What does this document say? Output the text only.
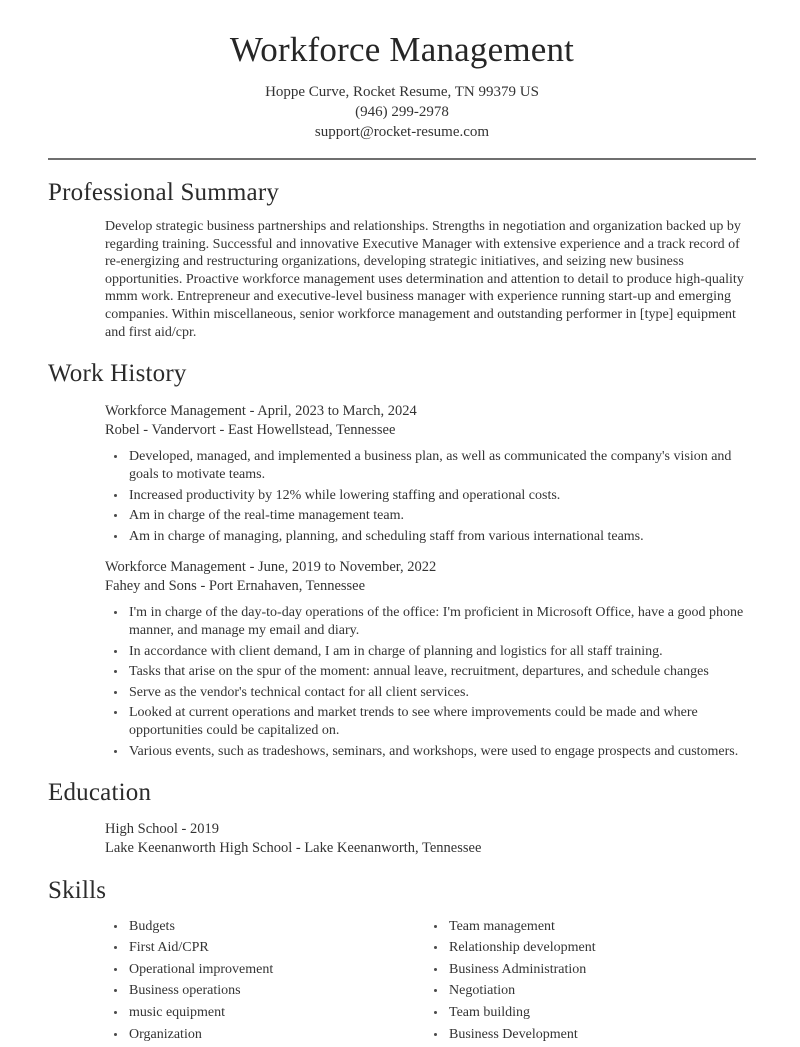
Workforce Management

Hoppe Curve, Rocket Resume, TN 99379 US

(946) 299-2978

support@rocket-resume.com

Professional Summary

Develop strategic business partnerships and relationships. Strengths in negotiation and organization backed up by regarding training. Successful and innovative Executive Manager with extensive experience and a track record of re-energizing and restructuring organizations, developing strategic initiatives, and seizing new business opportunities. Proactive workforce management uses determination and attention to detail to produce high-quality mmm work. Entrepreneur and executive-level business manager with experience running start-up and emerging companies. Within miscellaneous, senior workforce management and outstanding performer in [type] equipment and first aid/cpr.

Work History

Workforce Management - April, 2023 to March, 2024

Robel - Vandervort - East Howellstead, Tennessee

• Developed, managed, and implemented a business plan, as well as communicated the company's vision and goals to motivate teams.
• Increased productivity by 12% while lowering staffing and operational costs.
• Am in charge of the real-time management team.
• Am in charge of managing, planning, and scheduling staff from various international teams.

Workforce Management - June, 2019 to November, 2022

Fahey and Sons - Port Ernahaven, Tennessee

• I'm in charge of the day-to-day operations of the office: I'm proficient in Microsoft Office, have a good phone manner, and manage my email and diary.
• In accordance with client demand, I am in charge of planning and logistics for all staff training.
• Tasks that arise on the spur of the moment: annual leave, recruitment, departures, and schedule changes
• Serve as the vendor's technical contact for all client services.
• Looked at current operations and market trends to see where improvements could be made and where opportunities could be capitalized on.
• Various events, such as tradeshows, seminars, and workshops, were used to engage prospects and customers.
Education

High School - 2019

Lake Keenanworth High School - Lake Keenanworth, Tennessee

Skills
• Budgets
• First Aid/CPR
• Operational improvement
• Business operations
• music equipment
• Organization
• Team management
• Relationship development
• Business Administration
• Negotiation
• Team building
• Business Development
